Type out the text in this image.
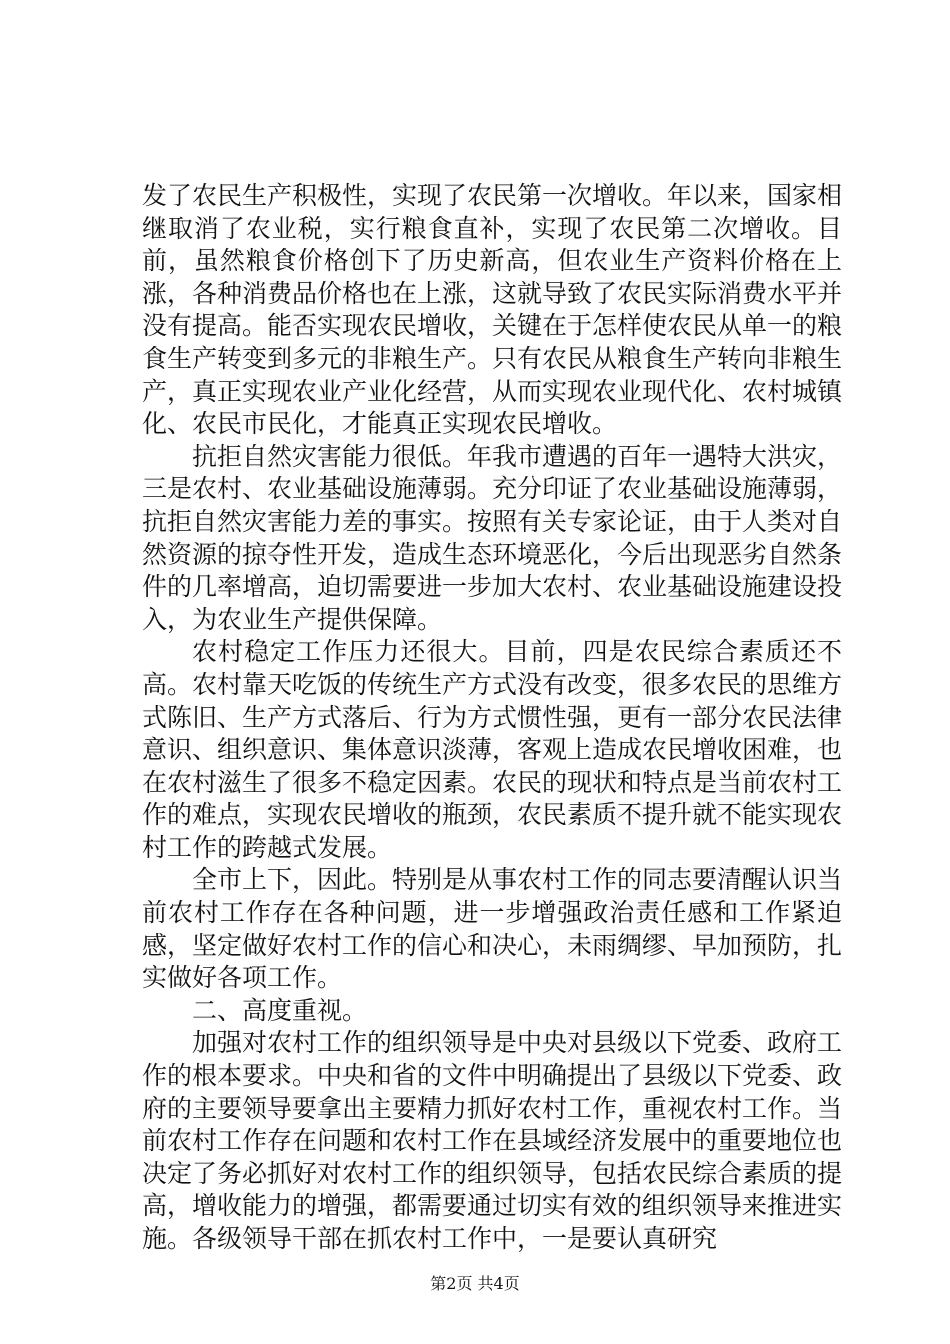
发了农民生产积极性，实现了农民第一次增收。年以来，国家相继取消了农业税，实行粮食直补，实现了农民第二次增收。目前，虽然粮食价格创下了历史新高，但农业生产资料价格在上涨，各种消费品价格也在上涨，这就导致了农民实际消费水平并没有提高。能否实现农民增收，关键在于怎样使农民从单一的粮食生产转变到多元的非粮生产。只有农民从粮食生产转向非粮生产，真正实现农业产业化经营，从而实现农业现代化、农村城镇化、农民市民化，才能真正实现农民增收。

抗拒自然灾害能力很低。年我市遭遇的百年一遇特大洪灾，三是农村、农业基础设施薄弱。充分印证了农业基础设施薄弱，抗拒自然灾害能力差的事实。按照有关专家论证，由于人类对自然资源的掠夺性开发，造成生态环境恶化，今后出现恶劣自然条件的几率增高，迫切需要进一步加大农村、农业基础设施建设投入，为农业生产提供保障。

农村稳定工作压力还很大。目前，四是农民综合素质还不高。农村靠天吃饭的传统生产方式没有改变，很多农民的思维方式陈旧、生产方式落后、行为方式惯性强，更有一部分农民法律意识、组织意识、集体意识淡薄，客观上造成农民增收困难，也在农村滋生了很多不稳定因素。农民的现状和特点是当前农村工作的难点，实现农民增收的瓶颈，农民素质不提升就不能实现农村工作的跨越式发展。

全市上下，因此。特别是从事农村工作的同志要清醒认识当前农村工作存在各种问题，进一步增强政治责任感和工作紧迫感，坚定做好农村工作的信心和决心，未雨绸缪、早加预防，扎实做好各项工作。

二、高度重视。

加强对农村工作的组织领导是中央对县级以下党委、政府工作的根本要求。中央和省的文件中明确提出了县级以下党委、政府的主要领导要拿出主要精力抓好农村工作，重视农村工作。当前农村工作存在问题和农村工作在县域经济发展中的重要地位也决定了务必抓好对农村工作的组织领导，包括农民综合素质的提高，增收能力的增强，都需要通过切实有效的组织领导来推进实施。各级领导干部在抓农村工作中，一是要认真研究

第2页 共4页
